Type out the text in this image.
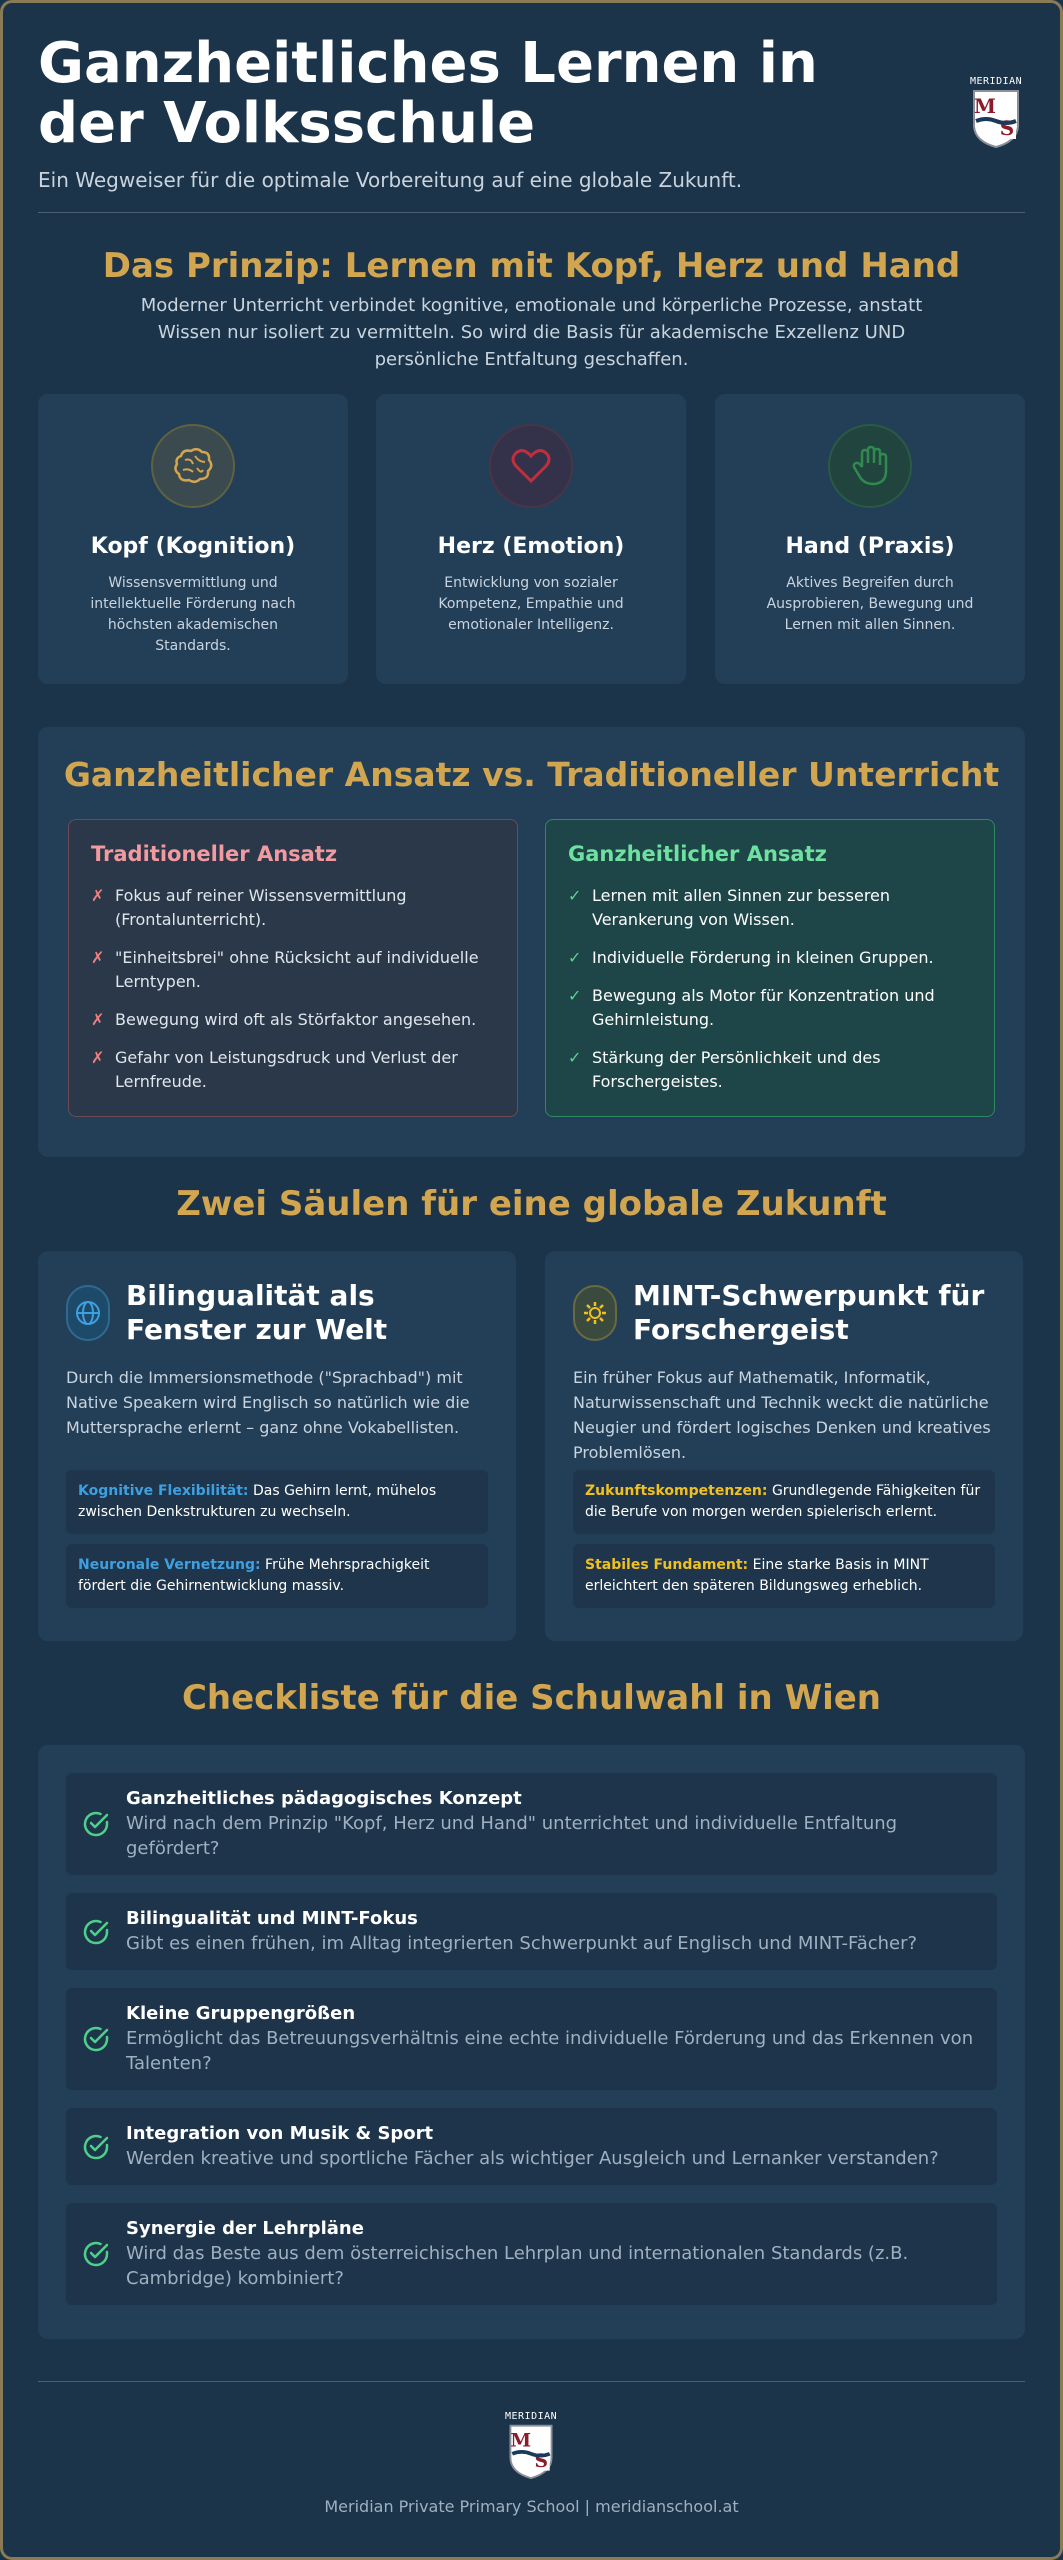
Ganzheitliches Lernen in der Volksschule
Ein Wegweiser für die optimale Vorbereitung auf eine globale Zukunft.
MERIDIAN
M
S
Das Prinzip: Lernen mit Kopf, Herz und Hand
Moderner Unterricht verbindet kognitive, emotionale und körperliche Prozesse, anstatt Wissen nur isoliert zu vermitteln. So wird die Basis für akademische Exzellenz UND persönliche Entfaltung geschaffen.
Kopf (Kognition)

Wissensvermittlung und intellektuelle Förderung nach höchsten akademischen Standards.

Herz (Emotion)

Entwicklung von sozialer Kompetenz, Empathie und emotionaler Intelligenz.

Hand (Praxis)

Aktives Begreifen durch Ausprobieren, Bewegung und Lernen mit allen Sinnen.

Ganzheitlicher Ansatz vs. Traditioneller Unterricht
Traditioneller Ansatz
✗ Fokus auf reiner Wissensvermittlung (Frontalunterricht).
✗ "Einheitsbrei" ohne Rücksicht auf individuelle Lerntypen.
✗ Bewegung wird oft als Störfaktor angesehen.
✗ Gefahr von Leistungsdruck und Verlust der Lernfreude.
Ganzheitlicher Ansatz
✓ Lernen mit allen Sinnen zur besseren Verankerung von Wissen.
✓ Individuelle Förderung in kleinen Gruppen.
✓ Bewegung als Motor für Konzentration und Gehirnleistung.
✓ Stärkung der Persönlichkeit und des Forschergeistes.
Zwei Säulen für eine globale Zukunft
Bilingualität als Fenster zur Welt
Durch die Immersionsmethode ("Sprachbad") mit Native Speakern wird Englisch so natürlich wie die Muttersprache erlernt – ganz ohne Vokabellisten.
Kognitive Flexibilität: Das Gehirn lernt, mühelos zwischen Denkstrukturen zu wechseln.
Neuronale Vernetzung: Frühe Mehrsprachigkeit fördert die Gehirnentwicklung massiv.
MINT-Schwerpunkt für Forschergeist
Ein früher Fokus auf Mathematik, Informatik, Naturwissenschaft und Technik weckt die natürliche Neugier und fördert logisches Denken und kreatives Problemlösen.
Zukunftskompetenzen: Grundlegende Fähigkeiten für die Berufe von morgen werden spielerisch erlernt.
Stabiles Fundament: Eine starke Basis in MINT erleichtert den späteren Bildungsweg erheblich.
Checkliste für die Schulwahl in Wien
Ganzheitliches pädagogisches Konzept
Wird nach dem Prinzip "Kopf, Herz und Hand" unterrichtet und individuelle Entfaltung gefördert?
Bilingualität und MINT-Fokus
Gibt es einen frühen, im Alltag integrierten Schwerpunkt auf Englisch und MINT-Fächer?
Kleine Gruppengrößen
Ermöglicht das Betreuungsverhältnis eine echte individuelle Förderung und das Erkennen von Talenten?
Integration von Musik & Sport
Werden kreative und sportliche Fächer als wichtiger Ausgleich und Lernanker verstanden?
Synergie der Lehrpläne
Wird das Beste aus dem österreichischen Lehrplan und internationalen Standards (z.B. Cambridge) kombiniert?
MERIDIAN
M
S
Meridian Private Primary School | meridianschool.at
